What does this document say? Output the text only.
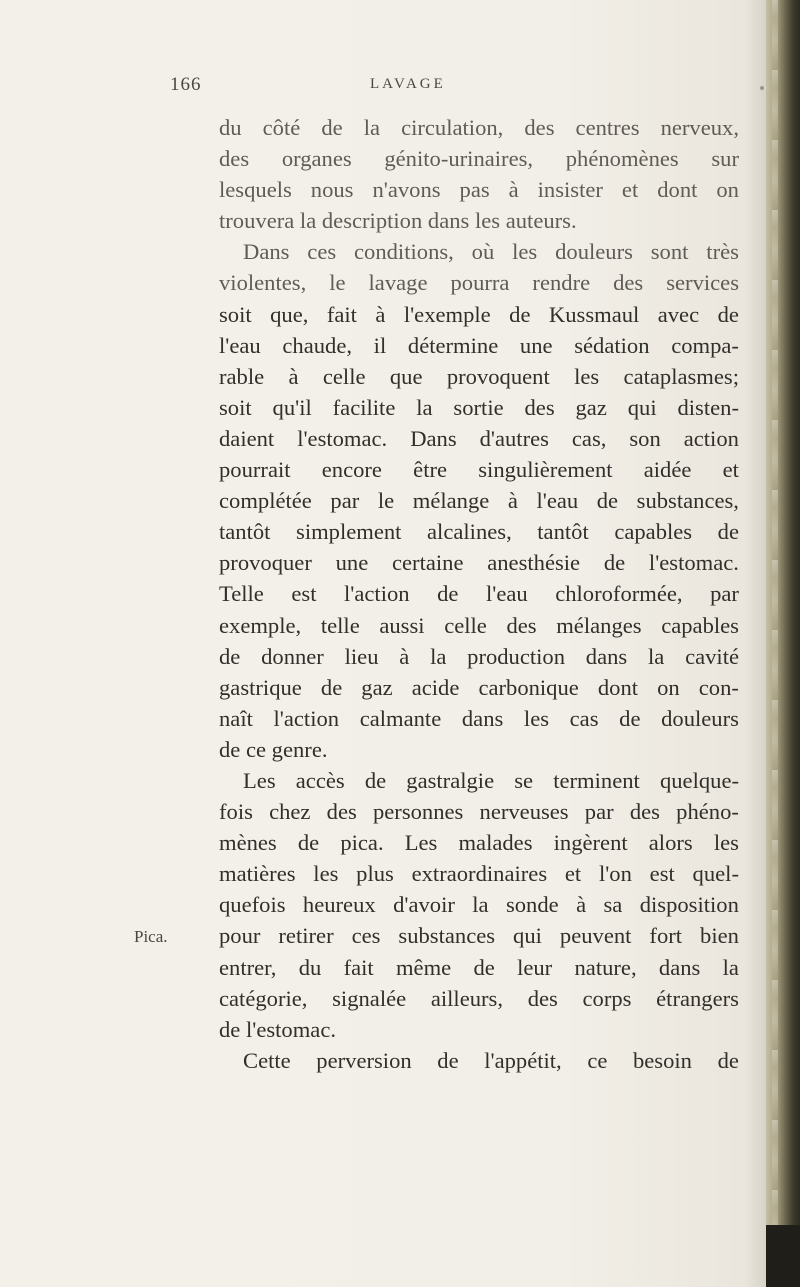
166	LAVAGE
Pica.
du côté de la circulation, des centres nerveux,
des organes génito-urinaires, phénomènes sur
lesquels nous n'avons pas à insister et dont on
trouvera la description dans les auteurs.
Dans ces conditions, où les douleurs sont très
violentes, le lavage pourra rendre des services
soit que, fait à l'exemple de Kussmaul avec de
l'eau chaude, il détermine une sédation compa-
rable à celle que provoquent les cataplasmes;
soit qu'il facilite la sortie des gaz qui disten-
daient l'estomac. Dans d'autres cas, son action
pourrait encore être singulièrement aidée et
complétée par le mélange à l'eau de substances,
tantôt simplement alcalines, tantôt capables de
provoquer une certaine anesthésie de l'estomac.
Telle est l'action de l'eau chloroformée, par
exemple, telle aussi celle des mélanges capables
de donner lieu à la production dans la cavité
gastrique de gaz acide carbonique dont on con-
naît l'action calmante dans les cas de douleurs
de ce genre.
Les accès de gastralgie se terminent quelque-
fois chez des personnes nerveuses par des phéno-
mènes de pica. Les malades ingèrent alors les
matières les plus extraordinaires et l'on est quel-
quefois heureux d'avoir la sonde à sa disposition
pour retirer ces substances qui peuvent fort bien
entrer, du fait même de leur nature, dans la
catégorie, signalée ailleurs, des corps étrangers
de l'estomac.
Cette perversion de l'appétit, ce besoin de
